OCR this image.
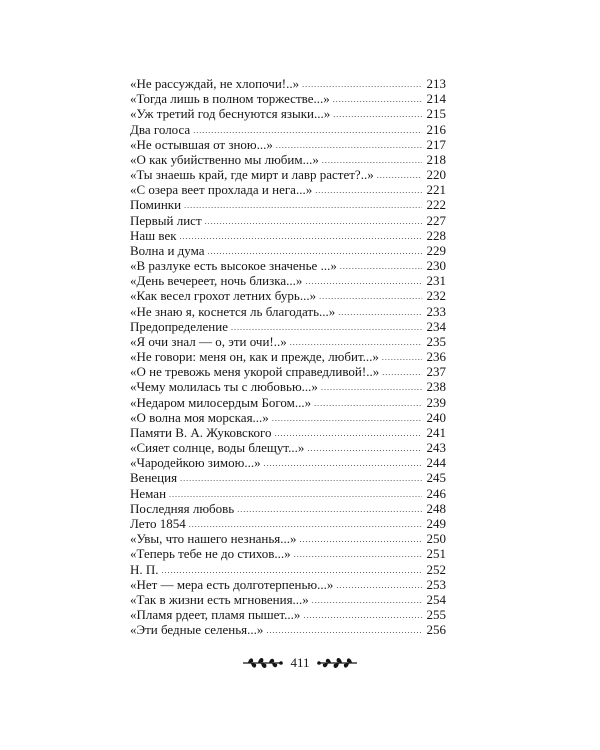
«Не рассуждай, не хлопочи!..» .....	213
«Тогда лишь в полном торжестве...» .....	214
«Уж третий год беснуются языки...» .....	215
Два голоса .....	216
«Не остывшая от зною...» .....	217
«О как убийственно мы любим...» .....	218
«Ты знаешь край, где мирт и лавр растет?..» .....	220
«С озера веет прохлада и нега...» .....	221
Поминки .....	222
Первый лист .....	227
Наш век .....	228
Волна и дума .....	229
«В разлуке есть высокое значенье ...» .....	230
«День вечереет, ночь близка...» .....	231
«Как весел грохот летних бурь...» .....	232
«Не знаю я, коснется ль благодать...» .....	233
Предопределение .....	234
«Я очи знал — о, эти очи!..» .....	235
«Не говори: меня он, как и прежде, любит...» .....	236
«О не тревожь меня укорой справедливой!..» .....	237
«Чему молилась ты с любовью...» .....	238
«Недаром милосердым Богом...» .....	239
«О волна моя морская...» .....	240
Памяти В. А. Жуковского .....	241
«Сияет солнце, воды блещут...» .....	243
«Чародейкою зимою...» .....	244
Венеция .....	245
Неман .....	246
Последняя любовь .....	248
Лето 1854 .....	249
«Увы, что нашего незнанья...» .....	250
«Теперь тебе не до стихов...» .....	251
Н. П. .....	252
«Нет — мера есть долготерпенью...» .....	253
«Так в жизни есть мгновения...» .....	254
«Пламя рдеет, пламя пышет...» .....	255
«Эти бедные селенья...» .....	256
411
